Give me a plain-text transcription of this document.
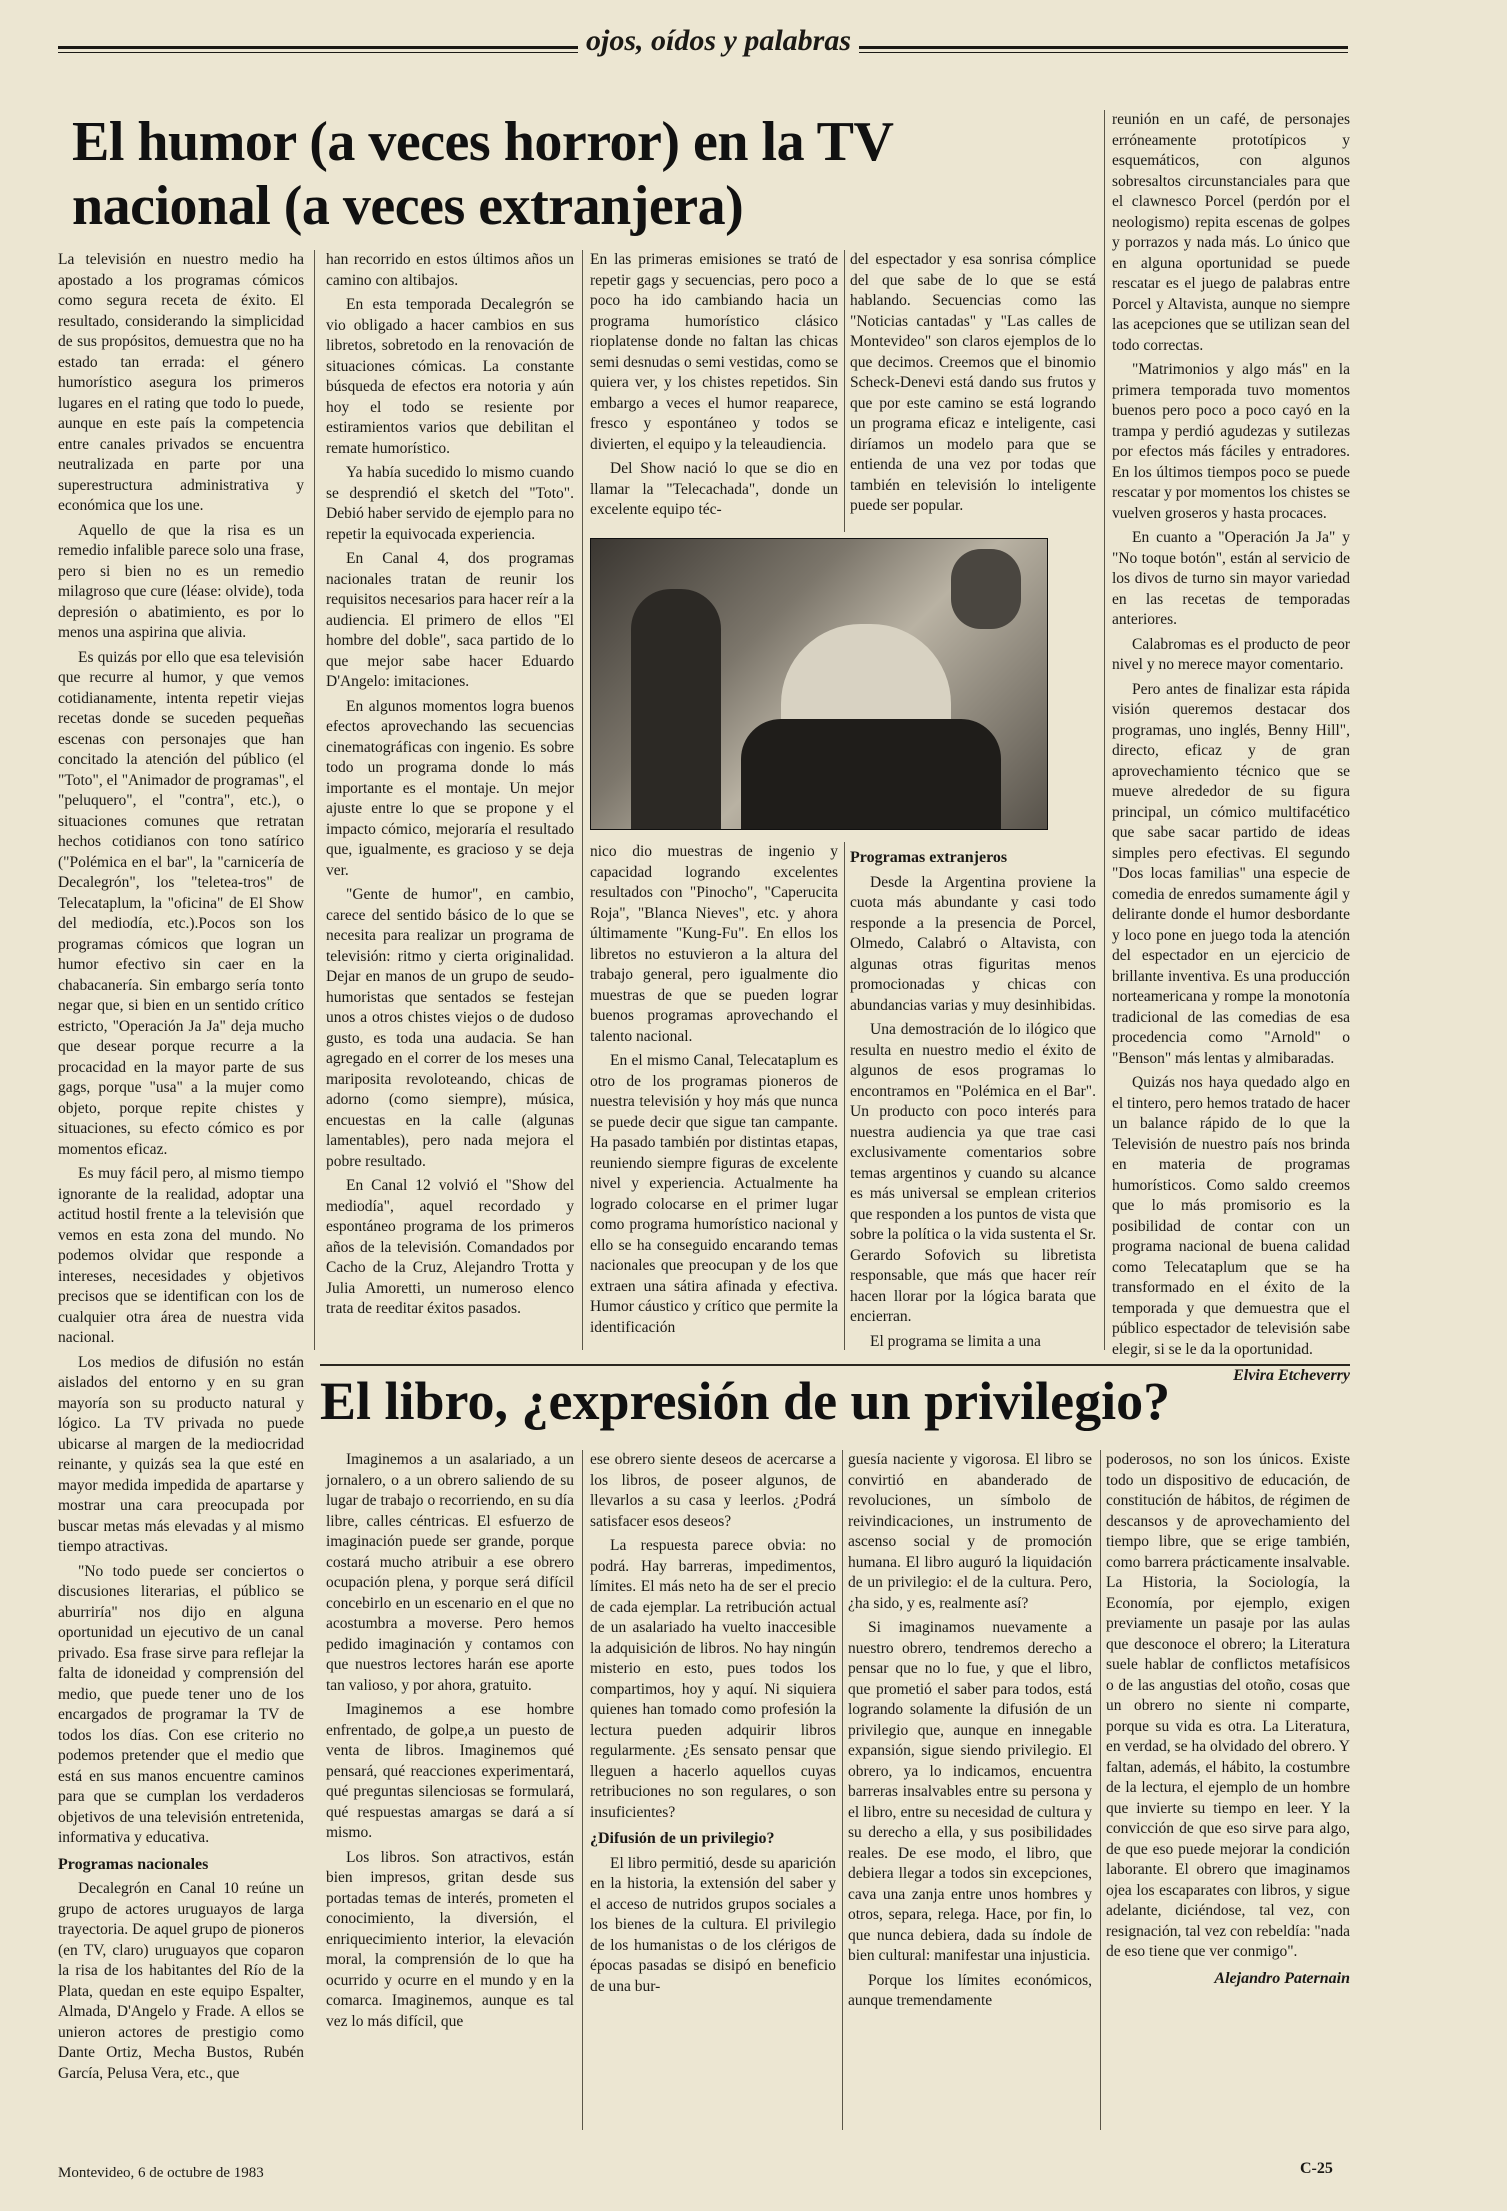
ojos, oídos y palabras
El humor (a veces horror) en la TV nacional (a veces extranjera)

La televisión en nuestro medio ha apostado a los programas cómicos como segura receta de éxito. El resultado, considerando la simplicidad de sus propósitos, demuestra que no ha estado tan errada: el género humorístico asegura los primeros lugares en el rating que todo lo puede, aunque en este país la competencia entre canales privados se encuentra neutralizada en parte por una superestructura administrativa y económica que los une.

Aquello de que la risa es un remedio infalible parece solo una frase, pero si bien no es un remedio milagroso que cure (léase: olvide), toda depresión o abatimiento, es por lo menos una aspirina que alivia.

Es quizás por ello que esa televisión que recurre al humor, y que vemos cotidianamente, intenta repetir viejas recetas donde se suceden pequeñas escenas con personajes que han concitado la atención del público (el "Toto", el "Animador de programas", el "peluquero", el "contra", etc.), o situaciones comunes que retratan hechos cotidianos con tono satírico ("Polémica en el bar", la "carnicería de Decalegrón", los "teletea-tros" de Telecataplum, la "oficina" de El Show del mediodía, etc.).Pocos son los programas cómicos que logran un humor efectivo sin caer en la chabacanería. Sin embargo sería tonto negar que, si bien en un sentido crítico estricto, "Operación Ja Ja" deja mucho que desear porque recurre a la procacidad en la mayor parte de sus gags, porque "usa" a la mujer como objeto, porque repite chistes y situaciones, su efecto cómico es por momentos eficaz.

Es muy fácil pero, al mismo tiempo ignorante de la realidad, adoptar una actitud hostil frente a la televisión que vemos en esta zona del mundo. No podemos olvidar que responde a intereses, necesidades y objetivos precisos que se identifican con los de cualquier otra área de nuestra vida nacional.

Los medios de difusión no están aislados del entorno y en su gran mayoría son su producto natural y lógico. La TV privada no puede ubicarse al margen de la mediocridad reinante, y quizás sea la que esté en mayor medida impedida de apartarse y mostrar una cara preocupada por buscar metas más elevadas y al mismo tiempo atractivas.

"No todo puede ser conciertos o discusiones literarias, el público se aburriría" nos dijo en alguna oportunidad un ejecutivo de un canal privado. Esa frase sirve para reflejar la falta de idoneidad y comprensión del medio, que puede tener uno de los encargados de programar la TV de todos los días. Con ese criterio no podemos pretender que el medio que está en sus manos encuentre caminos para que se cumplan los verdaderos objetivos de una televisión entretenida, informativa y educativa.

Programas nacionales

Decalegrón en Canal 10 reúne un grupo de actores uruguayos de larga trayectoria. De aquel grupo de pioneros (en TV, claro) uruguayos que coparon la risa de los habitantes del Río de la Plata, quedan en este equipo Espalter, Almada, D'Angelo y Frade. A ellos se unieron actores de prestigio como Dante Ortiz, Mecha Bustos, Rubén García, Pelusa Vera, etc., que

han recorrido en estos últimos años un camino con altibajos.

En esta temporada Decalegrón se vio obligado a hacer cambios en sus libretos, sobretodo en la renovación de situaciones cómicas. La constante búsqueda de efectos era notoria y aún hoy el todo se resiente por estiramientos varios que debilitan el remate humorístico.

Ya había sucedido lo mismo cuando se desprendió el sketch del "Toto". Debió haber servido de ejemplo para no repetir la equivocada experiencia.

En Canal 4, dos programas nacionales tratan de reunir los requisitos necesarios para hacer reír a la audiencia. El primero de ellos "El hombre del doble", saca partido de lo que mejor sabe hacer Eduardo D'Angelo: imitaciones.

En algunos momentos logra buenos efectos aprovechando las secuencias cinematográficas con ingenio. Es sobre todo un programa donde lo más importante es el montaje. Un mejor ajuste entre lo que se propone y el impacto cómico, mejoraría el resultado que, igualmente, es gracioso y se deja ver.

"Gente de humor", en cambio, carece del sentido básico de lo que se necesita para realizar un programa de televisión: ritmo y cierta originalidad. Dejar en manos de un grupo de seudo-humoristas que sentados se festejan unos a otros chistes viejos o de dudoso gusto, es toda una audacia. Se han agregado en el correr de los meses una mariposita revoloteando, chicas de adorno (como siempre), música, encuestas en la calle (algunas lamentables), pero nada mejora el pobre resultado.

En Canal 12 volvió el "Show del mediodía", aquel recordado y espontáneo programa de los primeros años de la televisión. Comandados por Cacho de la Cruz, Alejandro Trotta y Julia Amoretti, un numeroso elenco trata de reeditar éxitos pasados.

En las primeras emisiones se trató de repetir gags y secuencias, pero poco a poco ha ido cambiando hacia un programa humorístico clásico rioplatense donde no faltan las chicas semi desnudas o semi vestidas, como se quiera ver, y los chistes repetidos. Sin embargo a veces el humor reaparece, fresco y espontáneo y todos se divierten, el equipo y la teleaudiencia.

Del Show nació lo que se dio en llamar la "Telecachada", donde un excelente equipo téc-

del espectador y esa sonrisa cómplice del que sabe de lo que se está hablando. Secuencias como las "Noticias cantadas" y "Las calles de Montevideo" son claros ejemplos de lo que decimos. Creemos que el binomio Scheck-Denevi está dando sus frutos y que por este camino se está logrando un programa eficaz e inteligente, casi diríamos un modelo para que se entienda de una vez por todas que también en televisión lo inteligente puede ser popular.

nico dio muestras de ingenio y capacidad logrando excelentes resultados con "Pinocho", "Caperucita Roja", "Blanca Nieves", etc. y ahora últimamente "Kung-Fu". En ellos los libretos no estuvieron a la altura del trabajo general, pero igualmente dio muestras de que se pueden lograr buenos programas aprovechando el talento nacional.

En el mismo Canal, Telecataplum es otro de los programas pioneros de nuestra televisión y hoy más que nunca se puede decir que sigue tan campante. Ha pasado también por distintas etapas, reuniendo siempre figuras de excelente nivel y experiencia. Actualmente ha logrado colocarse en el primer lugar como programa humorístico nacional y ello se ha conseguido encarando temas nacionales que preocupan y de los que extraen una sátira afinada y efectiva. Humor cáustico y crítico que permite la identificación

Programas extranjeros

Desde la Argentina proviene la cuota más abundante y casi todo responde a la presencia de Porcel, Olmedo, Calabró o Altavista, con algunas otras figuritas menos promocionadas y chicas con abundancias varias y muy desinhibidas.

Una demostración de lo ilógico que resulta en nuestro medio el éxito de algunos de esos programas lo encontramos en "Polémica en el Bar". Un producto con poco interés para nuestra audiencia ya que trae casi exclusivamente comentarios sobre temas argentinos y cuando su alcance es más universal se emplean criterios que responden a los puntos de vista que sobre la política o la vida sustenta el Sr. Gerardo Sofovich su libretista responsable, que más que hacer reír hacen llorar por la lógica barata que encierran.

El programa se limita a una

reunión en un café, de personajes erróneamente prototípicos y esquemáticos, con algunos sobresaltos circunstanciales para que el clawnesco Porcel (perdón por el neologismo) repita escenas de golpes y porrazos y nada más. Lo único que en alguna oportunidad se puede rescatar es el juego de palabras entre Porcel y Altavista, aunque no siempre las acepciones que se utilizan sean del todo correctas.

"Matrimonios y algo más" en la primera temporada tuvo momentos buenos pero poco a poco cayó en la trampa y perdió agudezas y sutilezas por efectos más fáciles y entradores. En los últimos tiempos poco se puede rescatar y por momentos los chistes se vuelven groseros y hasta procaces.

En cuanto a "Operación Ja Ja" y "No toque botón", están al servicio de los divos de turno sin mayor variedad en las recetas de temporadas anteriores.

Calabromas es el producto de peor nivel y no merece mayor comentario.

Pero antes de finalizar esta rápida visión queremos destacar dos programas, uno inglés, Benny Hill", directo, eficaz y de gran aprovechamiento técnico que se mueve alrededor de su figura principal, un cómico multifacético que sabe sacar partido de ideas simples pero efectivas. El segundo "Dos locas familias" una especie de comedia de enredos sumamente ágil y delirante donde el humor desbordante y loco pone en juego toda la atención del espectador en un ejercicio de brillante inventiva. Es una producción norteamericana y rompe la monotonía tradicional de las comedias de esa procedencia como "Arnold" o "Benson" más lentas y almibaradas.

Quizás nos haya quedado algo en el tintero, pero hemos tratado de hacer un balance rápido de lo que la Televisión de nuestro país nos brinda en materia de programas humorísticos. Como saldo creemos que lo más promisorio es la posibilidad de contar con un programa nacional de buena calidad como Telecataplum que se ha transformado en el éxito de la temporada y que demuestra que el público espectador de televisión sabe elegir, si se le da la oportunidad.

Elvira Etcheverry
El libro, ¿expresión de un privilegio?

Imaginemos a un asalariado, a un jornalero, o a un obrero saliendo de su lugar de trabajo o recorriendo, en su día libre, calles céntricas. El esfuerzo de imaginación puede ser grande, porque costará mucho atribuir a ese obrero ocupación plena, y porque será difícil concebirlo en un escenario en el que no acostumbra a moverse. Pero hemos pedido imaginación y contamos con que nuestros lectores harán ese aporte tan valioso, y por ahora, gratuito.

Imaginemos a ese hombre enfrentado, de golpe,a un puesto de venta de libros. Imaginemos qué pensará, qué reacciones experimentará, qué preguntas silenciosas se formulará, qué respuestas amargas se dará a sí mismo.

Los libros. Son atractivos, están bien impresos, gritan desde sus portadas temas de interés, prometen el conocimiento, la diversión, el enriquecimiento interior, la elevación moral, la comprensión de lo que ha ocurrido y ocurre en el mundo y en la comarca. Imaginemos, aunque es tal vez lo más difícil, que

ese obrero siente deseos de acercarse a los libros, de poseer algunos, de llevarlos a su casa y leerlos. ¿Podrá satisfacer esos deseos?

La respuesta parece obvia: no podrá. Hay barreras, impedimentos, límites. El más neto ha de ser el precio de cada ejemplar. La retribución actual de un asalariado ha vuelto inaccesible la adquisición de libros. No hay ningún misterio en esto, pues todos los compartimos, hoy y aquí. Ni siquiera quienes han tomado como profesión la lectura pueden adquirir libros regularmente. ¿Es sensato pensar que lleguen a hacerlo aquellos cuyas retribuciones no son regulares, o son insuficientes?

¿Difusión de un privilegio?

El libro permitió, desde su aparición en la historia, la extensión del saber y el acceso de nutridos grupos sociales a los bienes de la cultura. El privilegio de los humanistas o de los clérigos de épocas pasadas se disipó en beneficio de una bur-

guesía naciente y vigorosa. El libro se convirtió en abanderado de revoluciones, un símbolo de reivindicaciones, un instrumento de ascenso social y de promoción humana. El libro auguró la liquidación de un privilegio: el de la cultura. Pero, ¿ha sido, y es, realmente así?

Si imaginamos nuevamente a nuestro obrero, tendremos derecho a pensar que no lo fue, y que el libro, que prometió el saber para todos, está logrando solamente la difusión de un privilegio que, aunque en innegable expansión, sigue siendo privilegio. El obrero, ya lo indicamos, encuentra barreras insalvables entre su persona y el libro, entre su necesidad de cultura y su derecho a ella, y sus posibilidades reales. De ese modo, el libro, que debiera llegar a todos sin excepciones, cava una zanja entre unos hombres y otros, separa, relega. Hace, por fin, lo que nunca debiera, dada su índole de bien cultural: manifestar una injusticia.

Porque los límites económicos, aunque tremendamente

poderosos, no son los únicos. Existe todo un dispositivo de educación, de constitución de hábitos, de régimen de descansos y de aprovechamiento del tiempo libre, que se erige también, como barrera prácticamente insalvable. La Historia, la Sociología, la Economía, por ejemplo, exigen previamente un pasaje por las aulas que desconoce el obrero; la Literatura suele hablar de conflictos metafísicos o de las angustias del otoño, cosas que un obrero no siente ni comparte, porque su vida es otra. La Literatura, en verdad, se ha olvidado del obrero. Y faltan, además, el hábito, la costumbre de la lectura, el ejemplo de un hombre que invierte su tiempo en leer. Y la convicción de que eso sirve para algo, de que eso puede mejorar la condición laborante. El obrero que imaginamos ojea los escaparates con libros, y sigue adelante, diciéndose, tal vez, con resignación, tal vez con rebeldía: "nada de eso tiene que ver conmigo".

Alejandro Paternain
Montevideo, 6 de octubre de 1983	C-25
